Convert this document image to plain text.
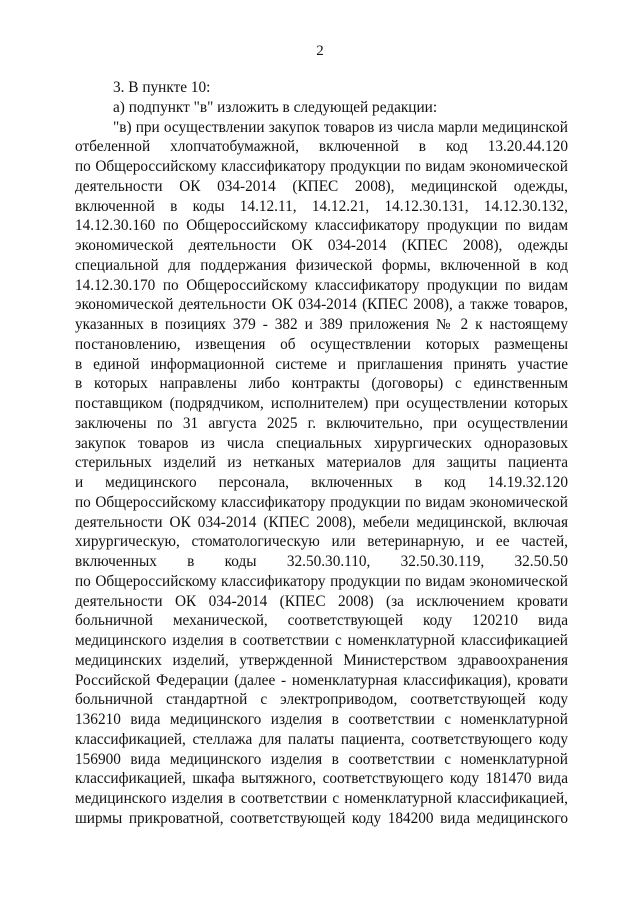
2
3. В пункте 10:
а) подпункт "в" изложить в следующей редакции:
"в) при осуществлении закупок товаров из числа марли медицинской
отбеленной хлопчатобумажной, включенной в код 13.20.44.120
по Общероссийскому классификатору продукции по видам экономической
деятельности ОК 034-2014 (КПЕС 2008), медицинской одежды,
включенной в коды 14.12.11, 14.12.21, 14.12.30.131, 14.12.30.132,
14.12.30.160 по Общероссийскому классификатору продукции по видам
экономической деятельности ОК 034-2014 (КПЕС 2008), одежды
специальной для поддержания физической формы, включенной в код
14.12.30.170 по Общероссийскому классификатору продукции по видам
экономической деятельности ОК 034-2014 (КПЕС 2008), а также товаров,
указанных в позициях 379 - 382 и 389 приложения № 2 к настоящему
постановлению, извещения об осуществлении которых размещены
в единой информационной системе и приглашения принять участие
в которых направлены либо контракты (договоры) с единственным
поставщиком (подрядчиком, исполнителем) при осуществлении которых
заключены по 31 августа 2025 г. включительно, при осуществлении
закупок товаров из числа специальных хирургических одноразовых
стерильных изделий из нетканых материалов для защиты пациента
и медицинского персонала, включенных в код 14.19.32.120
по Общероссийскому классификатору продукции по видам экономической
деятельности ОК 034-2014 (КПЕС 2008), мебели медицинской, включая
хирургическую, стоматологическую или ветеринарную, и ее частей,
включенных в коды 32.50.30.110, 32.50.30.119, 32.50.50
по Общероссийскому классификатору продукции по видам экономической
деятельности ОК 034-2014 (КПЕС 2008) (за исключением кровати
больничной механической, соответствующей коду 120210 вида
медицинского изделия в соответствии с номенклатурной классификацией
медицинских изделий, утвержденной Министерством здравоохранения
Российской Федерации (далее - номенклатурная классификация), кровати
больничной стандартной с электроприводом, соответствующей коду
136210 вида медицинского изделия в соответствии с номенклатурной
классификацией, стеллажа для палаты пациента, соответствующего коду
156900 вида медицинского изделия в соответствии с номенклатурной
классификацией, шкафа вытяжного, соответствующего коду 181470 вида
медицинского изделия в соответствии с номенклатурной классификацией,
ширмы прикроватной, соответствующей коду 184200 вида медицинского
